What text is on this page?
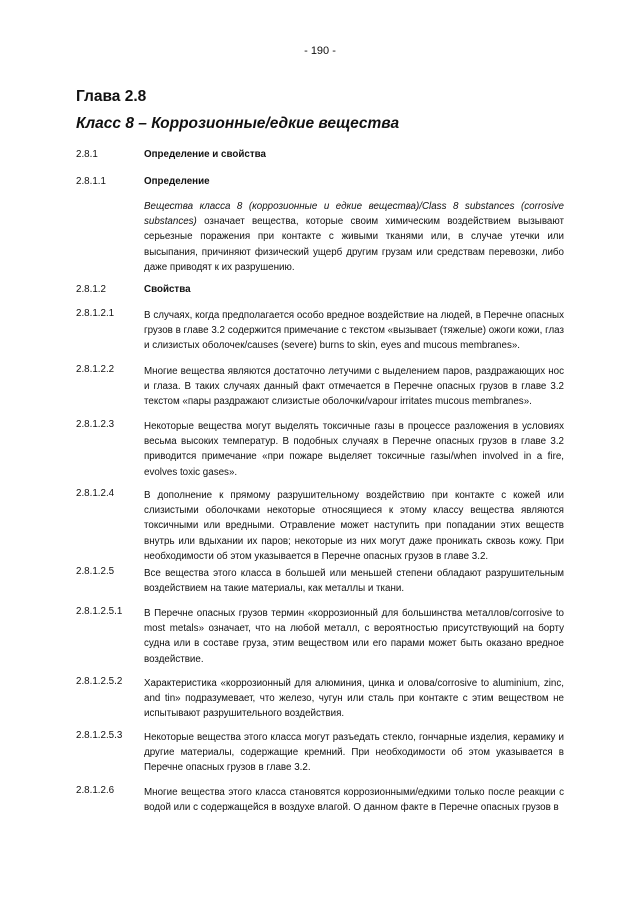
- 190 -
Глава 2.8
Класс 8 – Коррозионные/едкие вещества
2.8.1	Определение и свойства
2.8.1.1	Определение
Вещества класса 8 (коррозионные и едкие вещества)/Class 8 substances (corrosive substances) означает вещества, которые своим химическим воздействием вызывают серьезные поражения при контакте с живыми тканями или, в случае утечки или высыпания, причиняют физический ущерб другим грузам или средствам перевозки, либо даже приводят к их разрушению.
2.8.1.2	Свойства
2.8.1.2.1	В случаях, когда предполагается особо вредное воздействие на людей, в Перечне опасных грузов в главе 3.2 содержится примечание с текстом «вызывает (тяжелые) ожоги кожи, глаз и слизистых оболочек/causes (severe) burns to skin, eyes and mucous membranes».
2.8.1.2.2	Многие вещества являются достаточно летучими с выделением паров, раздражающих нос и глаза. В таких случаях данный факт отмечается в Перечне опасных грузов в главе 3.2 текстом «пары раздражают слизистые оболочки/vapour irritates mucous membranes».
2.8.1.2.3	Некоторые вещества могут выделять токсичные газы в процессе разложения в условиях весьма высоких температур. В подобных случаях в Перечне опасных грузов в главе 3.2 приводится примечание «при пожаре выделяет токсичные газы/when involved in a fire, evolves toxic gases».
2.8.1.2.4	В дополнение к прямому разрушительному воздействию при контакте с кожей или слизистыми оболочками некоторые относящиеся к этому классу вещества являются токсичными или вредными. Отравление может наступить при попадании этих веществ внутрь или вдыхании их паров; некоторые из них могут даже проникать сквозь кожу. При необходимости об этом указывается в Перечне опасных грузов в главе 3.2.
2.8.1.2.5	Все вещества этого класса в большей или меньшей степени обладают разрушительным воздействием на такие материалы, как металлы и ткани.
2.8.1.2.5.1	В Перечне опасных грузов термин «коррозионный для большинства металлов/corrosive to most metals» означает, что на любой металл, с вероятностью присутствующий на борту судна или в составе груза, этим веществом или его парами может быть оказано вредное воздействие.
2.8.1.2.5.2	Характеристика «коррозионный для алюминия, цинка и олова/corrosive to aluminium, zinc, and tin» подразумевает, что железо, чугун или сталь при контакте с этим веществом не испытывают разрушительного воздействия.
2.8.1.2.5.3	Некоторые вещества этого класса могут разъедать стекло, гончарные изделия, керамику и другие материалы, содержащие кремний. При необходимости об этом указывается в Перечне опасных грузов в главе 3.2.
2.8.1.2.6	Многие вещества этого класса становятся коррозионными/едкими только после реакции с водой или с содержащейся в воздухе влагой. О данном факте в Перечне опасных грузов в
